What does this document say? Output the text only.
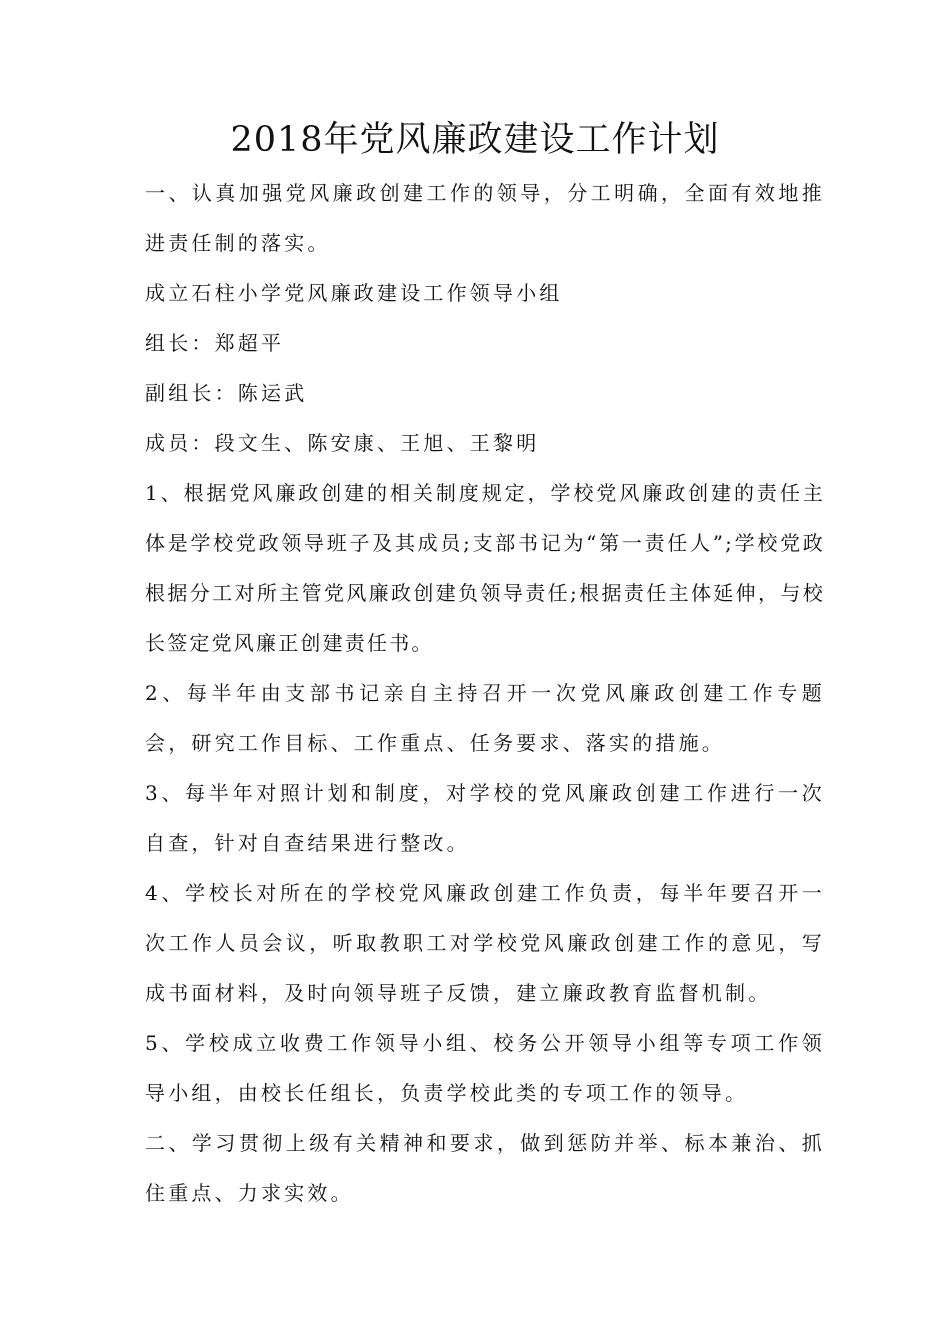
2018年党风廉政建设工作计划

一、认真加强党风廉政创建工作的领导，分工明确，全面有效地推进责任制的落实。

成立石柱小学党风廉政建设工作领导小组

组长：郑超平

副组长：陈运武

成员：段文生、陈安康、王旭、王黎明

1、根据党风廉政创建的相关制度规定，学校党风廉政创建的责任主体是学校党政领导班子及其成员;支部书记为“第一责任人”;学校党政根据分工对所主管党风廉政创建负领导责任;根据责任主体延伸，与校长签定党风廉正创建责任书。

2、每半年由支部书记亲自主持召开一次党风廉政创建工作专题会，研究工作目标、工作重点、任务要求、落实的措施。

3、每半年对照计划和制度，对学校的党风廉政创建工作进行一次自查，针对自查结果进行整改。

4、学校长对所在的学校党风廉政创建工作负责，每半年要召开一次工作人员会议，听取教职工对学校党风廉政创建工作的意见，写成书面材料，及时向领导班子反馈，建立廉政教育监督机制。

5、学校成立收费工作领导小组、校务公开领导小组等专项工作领导小组，由校长任组长，负责学校此类的专项工作的领导。

二、学习贯彻上级有关精神和要求，做到惩防并举、标本兼治、抓住重点、力求实效。
